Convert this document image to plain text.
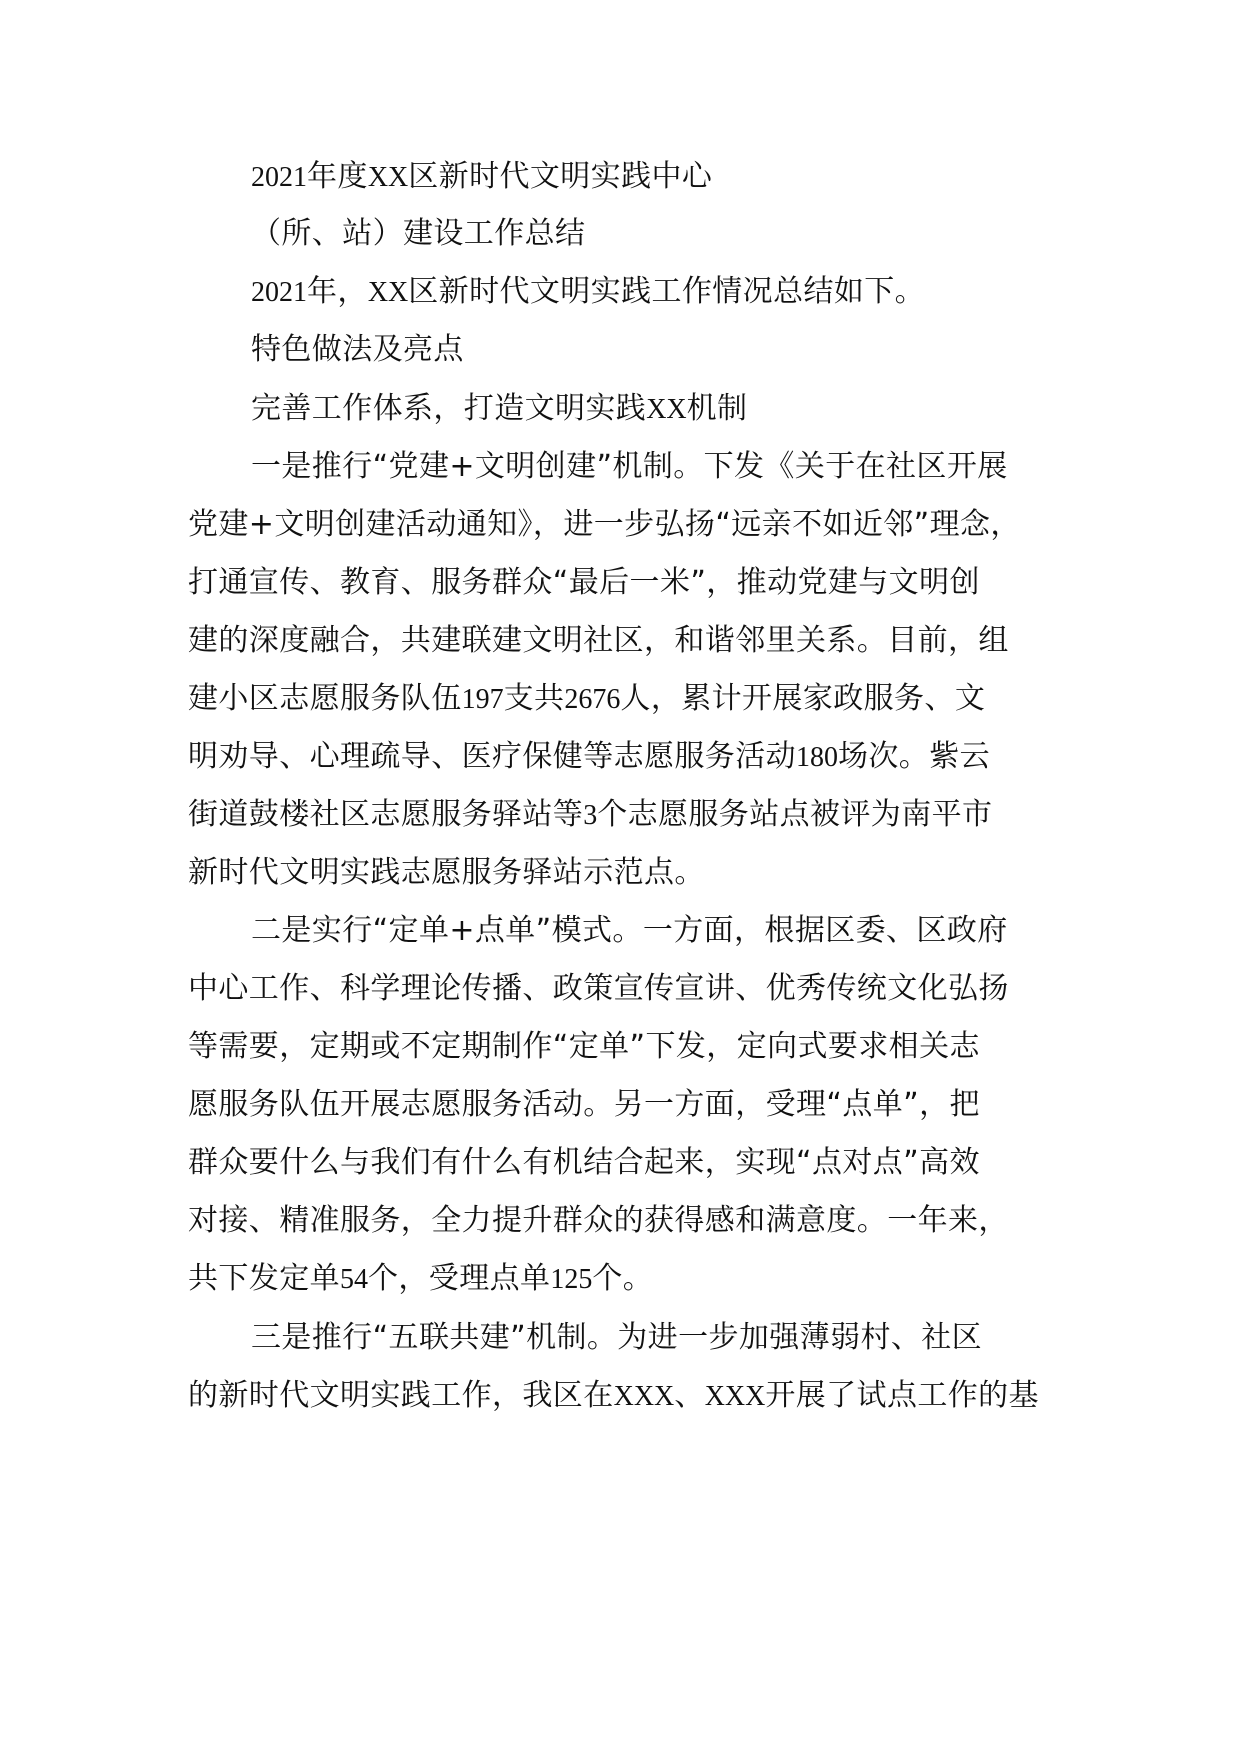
2021年度XX区新时代文明实践中心
（所、站）建设工作总结
2021年，XX区新时代文明实践工作情况总结如下。
特色做法及亮点
完善工作体系，打造文明实践XX机制
一是推行“党建+文明创建”机制。下发《关于在社区开展
党建+文明创建活动通知》，进一步弘扬“远亲不如近邻”理念，
打通宣传、教育、服务群众“最后一米”，推动党建与文明创
建的深度融合，共建联建文明社区，和谐邻里关系。目前，组
建小区志愿服务队伍197支共2676人，累计开展家政服务、文
明劝导、心理疏导、医疗保健等志愿服务活动180场次。紫云
街道鼓楼社区志愿服务驿站等3个志愿服务站点被评为南平市
新时代文明实践志愿服务驿站示范点。
二是实行“定单+点单”模式。一方面，根据区委、区政府
中心工作、科学理论传播、政策宣传宣讲、优秀传统文化弘扬
等需要，定期或不定期制作“定单”下发，定向式要求相关志
愿服务队伍开展志愿服务活动。另一方面，受理“点单”，把
群众要什么与我们有什么有机结合起来，实现“点对点”高效
对接、精准服务，全力提升群众的获得感和满意度。一年来，
共下发定单54个，受理点单125个。
三是推行“五联共建”机制。为进一步加强薄弱村、社区
的新时代文明实践工作，我区在XXX、XXX开展了试点工作的基
